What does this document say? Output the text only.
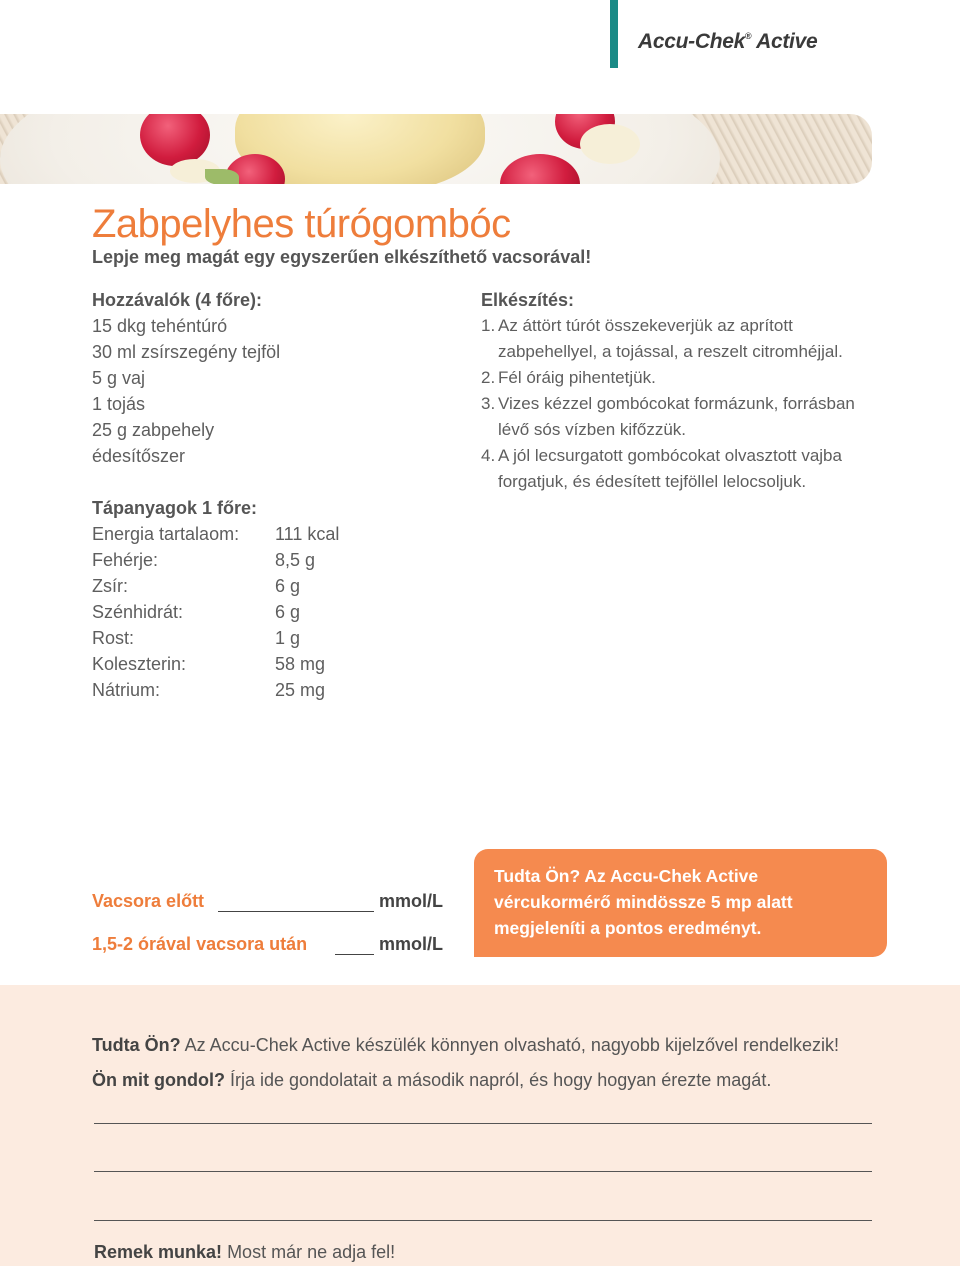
Accu-Chek® Active
Zabpelyhes túrógombóc
Lepje meg magát egy egyszerűen elkészíthető vacsorával!
Hozzávalók (4 főre):
15 dkg tehéntúró
30 ml zsírszegény tejföl
5 g vaj
1 tojás
25 g zabpehely
édesítőszer
Tápanyagok 1 főre:
Energia tartalaom:	111 kcal
Fehérje:	8,5 g
Zsír:	6 g
Szénhidrát:	6 g
Rost:	1 g
Koleszterin:	58 mg
Nátrium:	25 mg
Elkészítés:
1. Az áttört túrót összekeverjük az aprított
zabpehellyel, a tojással, a reszelt citromhéjjal.
2. Fél óráig pihentetjük.
3. Vizes kézzel gombócokat formázunk, forrásban
lévő sós vízben kifőzzük.
4. A jól lecsurgatott gombócokat olvasztott vajba
forgatjuk, és édesített tejföllel lelocsoljuk.
Vacsora előtt	mmol/L
1,5-2 órával vacsora után	mmol/L
Tudta Ön? Az Accu-Chek Active
vércukormérő mindössze 5 mp alatt
megjeleníti a pontos eredményt.
Tudta Ön? Az Accu-Chek Active készülék könnyen olvasható, nagyobb kijelzővel rendelkezik!
Ön mit gondol? Írja ide gondolatait a második napról, és hogy hogyan érezte magát.
Remek munka! Most már ne adja fel!
